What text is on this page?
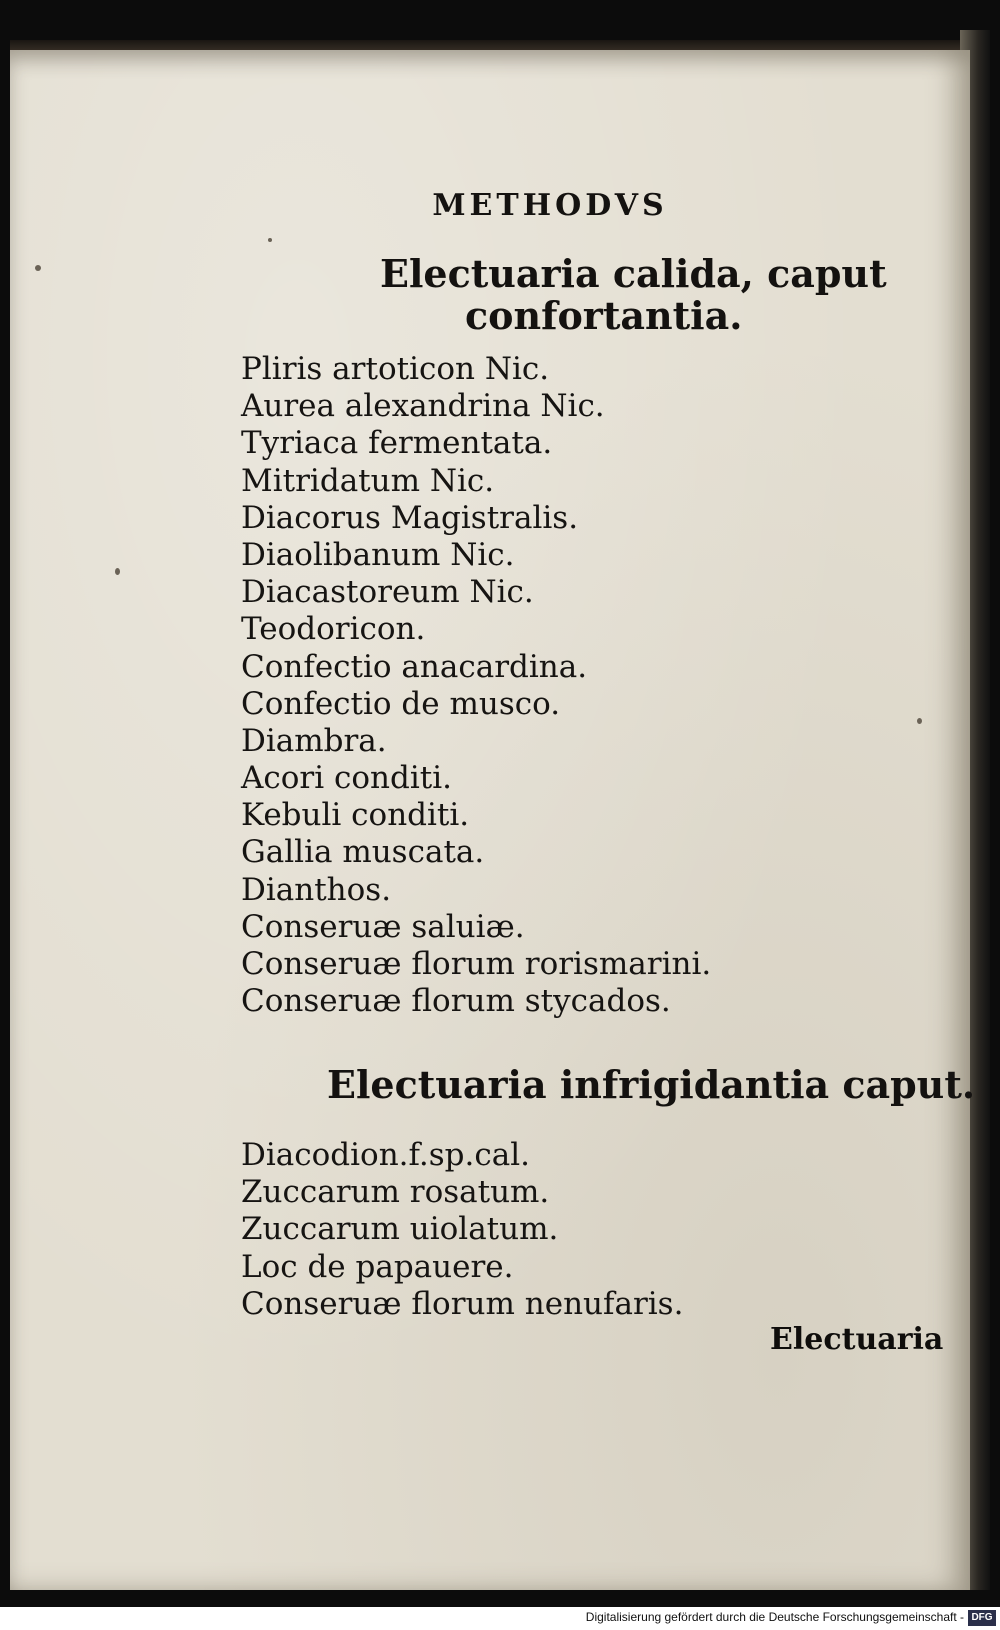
METHODVS
Electuaria calida, caput
confortantia.
Pliris artoticon Nic.
Aurea alexandrina Nic.
Tyriaca fermentata.
Mitridatum Nic.
Diacorus Magistralis.
Diaolibanum Nic.
Diacastoreum Nic.
Teodoricon.
Confectio anacardina.
Confectio de musco.
Diambra.
Acori conditi.
Kebuli conditi.
Gallia muscata.
Dianthos.
Conseruæ saluiæ.
Conseruæ florum rorismarini.
Conseruæ florum stycados.
Electuaria infrigidantia caput.
Diacodion.f.sp.cal.
Zuccarum rosatum.
Zuccarum uiolatum.
Loc de papauere.
Conseruæ florum nenufaris.
Electuaria
Digitalisierung gefördert durch die Deutsche Forschungsgemeinschaft - DFG
